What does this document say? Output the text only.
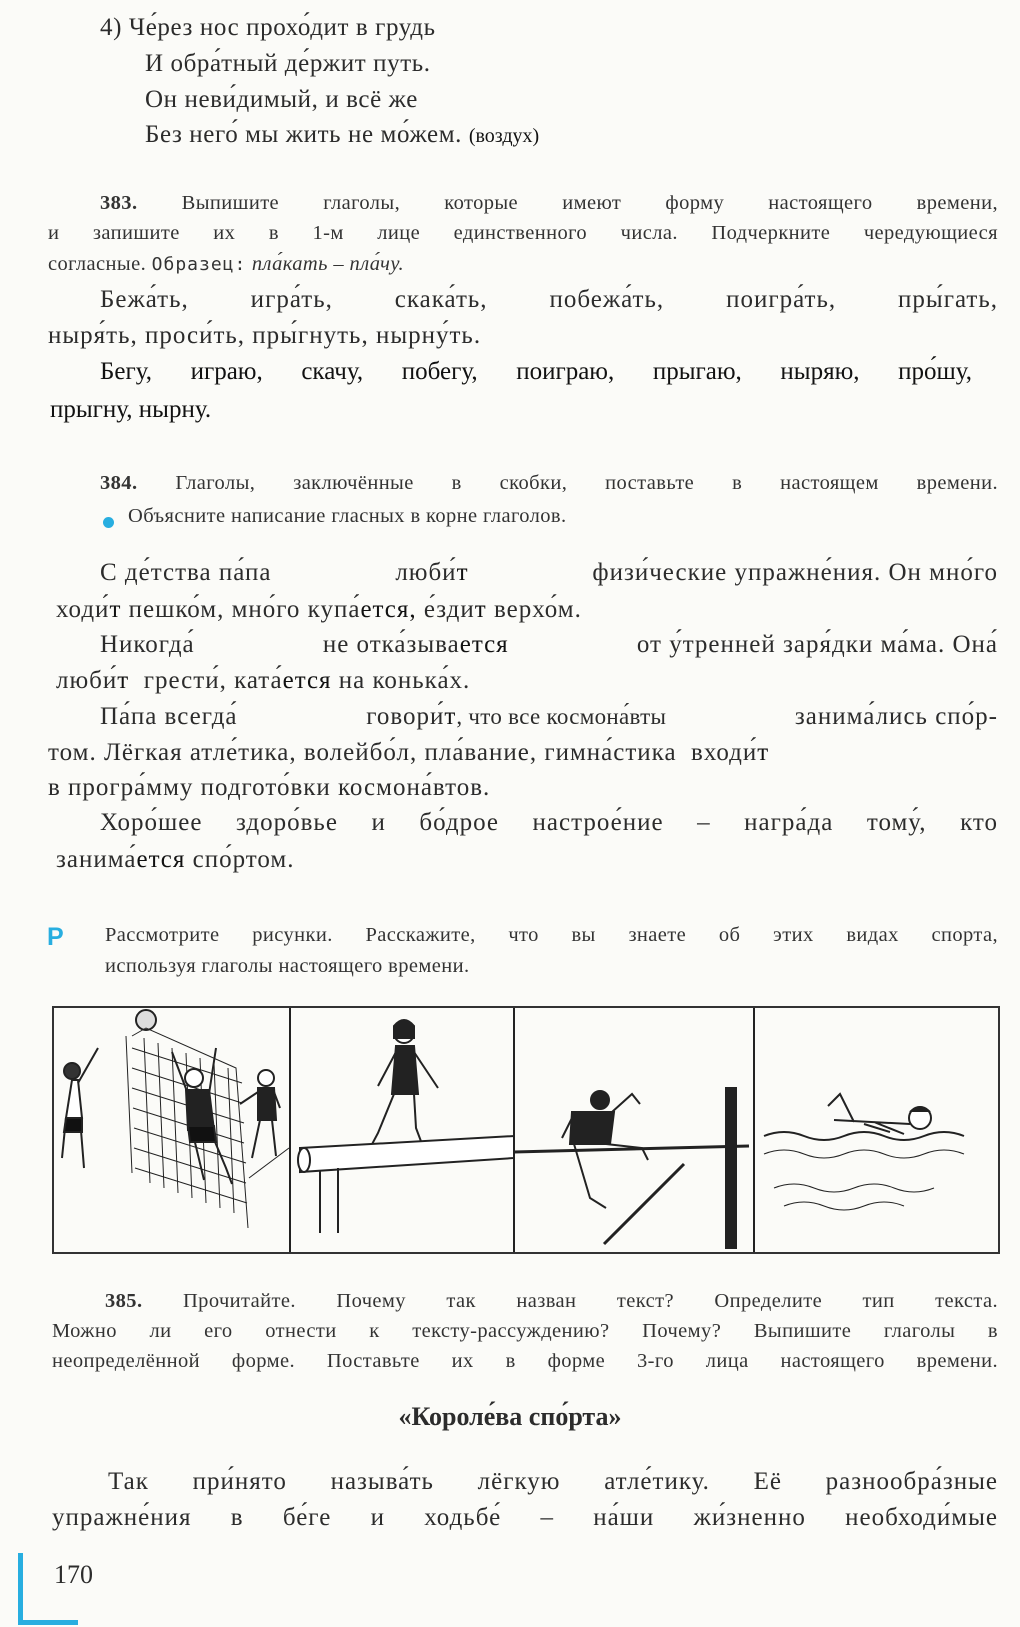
4) Че́рез нос прохо́дит в грудь
И обра́тный де́ржит путь.
Он неви́димый, и всё же
Без него́ мы жить не мо́жем. (воздух)
383. Выпишите глаголы, которые имеют форму настоящего времени,
и запишите их в 1-м лице единственного числа. Подчеркните чередующиеся
согласные. Образец: пла́кать – пла́чу.
Бежа́ть, игра́ть, скака́ть, побежа́ть, поигра́ть, пры́гать,
ныря́ть, проси́ть, пры́гнуть, нырну́ть.
Бегу, играю, скачу, побегу, поиграю, прыгаю, ныряю, про́шу,
прыгну, нырну.
384. Глаголы, заключённые в скобки, поставьте в настоящем времени.
Объясните написание гласных в корне глаголов.
С де́тства па́па	люби́т	физи́ческие упражне́ния. Он мно́го
ходи́т пешко́м, мно́го купа́ется, е́здит верхо́м.
Никогда́	не отка́зывается	от у́тренней заря́дки ма́ма. Она́
люби́т грести́, ката́ется на конька́х.
Па́па всегда́	говори́т, что все космона́вты	занима́лись спо́р-
том. Лёгкая атле́тика, волейбо́л, пла́вание, гимна́стика входи́т
в програ́мму подгото́вки космона́втов.
Хоро́шее здоро́вье и бо́дрое настрое́ние – награ́да тому́, кто
занима́ется спо́ртом.
Р Рассмотрите рисунки. Расскажите, что вы знаете об этих видах спорта,
используя глаголы настоящего времени.
385. Прочитайте. Почему так назван текст? Определите тип текста.
Можно ли его отнести к тексту-рассуждению? Почему? Выпишите глаголы в
неопределённой форме. Поставьте их в форме 3-го лица настоящего времени.
«Короле́ва спо́рта»
Так при́нято называ́ть лёгкую атле́тику. Её разнообра́зные
упражне́ния в бе́ге и ходьбе́ – на́ши жи́зненно необходи́мые
170
